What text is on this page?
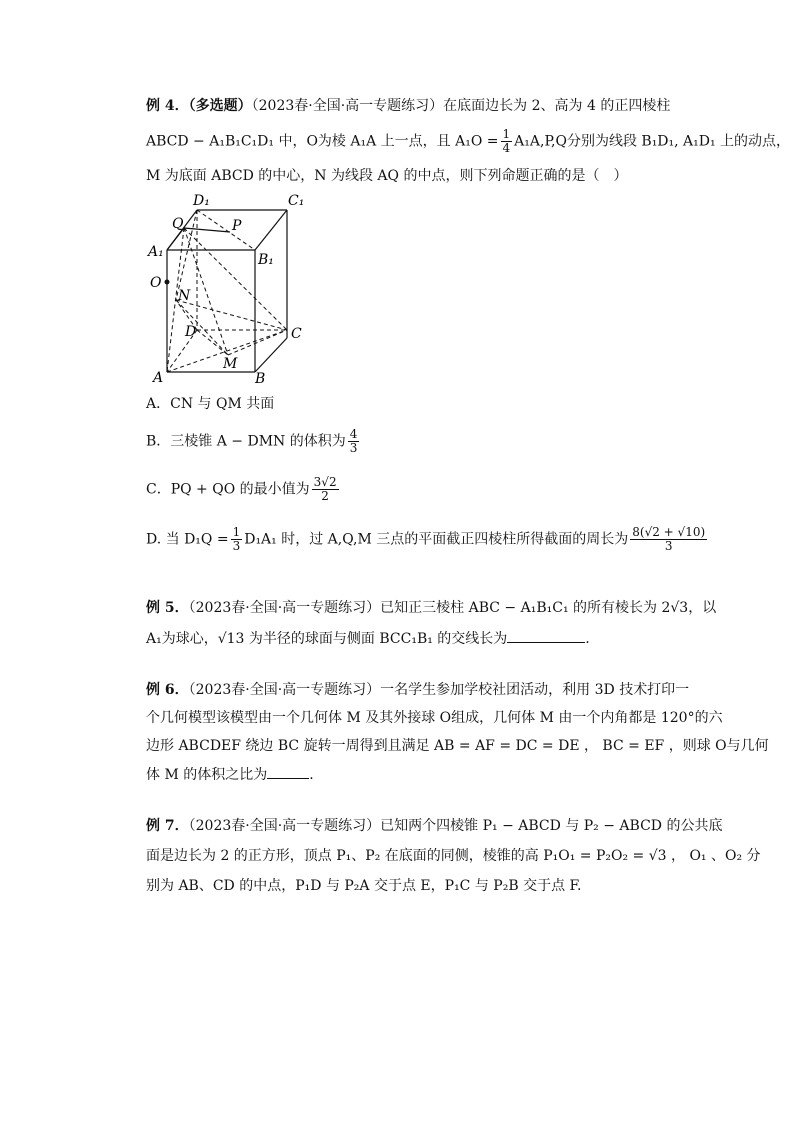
例 4．（多选题）（2023春·全国·高一专题练习）在底面边长为 2、高为 4 的正四棱柱
ABCD − A₁B₁C₁D₁ 中，O为棱 A₁A 上一点，且 $A_1O = \frac{1}{4} A_1A,P,Q$分别为线段 B₁D₁, A₁D₁ 上的动点，
M 为底面 ABCD 的中心，N 为线段 AQ 的中点，则下列命题正确的是（　）
D₁	C₁
Q	P
A₁	B₁
O
N
D	C
M
A	B
A．CN 与 QM 共面
B．三棱锥 A − DMN 的体积为 $\frac{4}{3}$
C．PQ + QO 的最小值为 $\frac{3√2}{2}$
D. 当 $D_1Q = \frac{1}{3} D_1A_1$ 时，过 A,Q,M 三点的平面截正四棱柱所得截面的周长为 $\frac{8(√2 + √10)}{3}$
例 5．（2023春·全国·高一专题练习）已知正三棱柱 ABC − A₁B₁C₁ 的所有棱长为 2√3，以
A₁为球心，√13 为半径的球面与侧面 BCC₁B₁ 的交线长为	.
例 6．（2023春·全国·高一专题练习）一名学生参加学校社团活动，利用 3D 技术打印一
个几何模型该模型由一个几何体 M 及其外接球 O组成，几何体 M 由一个内角都是 120°的六
边形 ABCDEF 绕边 BC 旋转一周得到且满足 AB = AF = DC = DE ， BC = EF ，则球 O与几何
体 M 的体积之比为	.
例 7．（2023春·全国·高一专题练习）已知两个四棱锥 P₁ − ABCD 与 P₂ − ABCD 的公共底
面是边长为 2 的正方形，顶点 P₁、P₂ 在底面的同侧，棱锥的高 P₁O₁ = P₂O₂ = √3 ， O₁ 、O₂ 分
别为 AB、CD 的中点，P₁D 与 P₂A 交于点 E，P₁C 与 P₂B 交于点 F.
